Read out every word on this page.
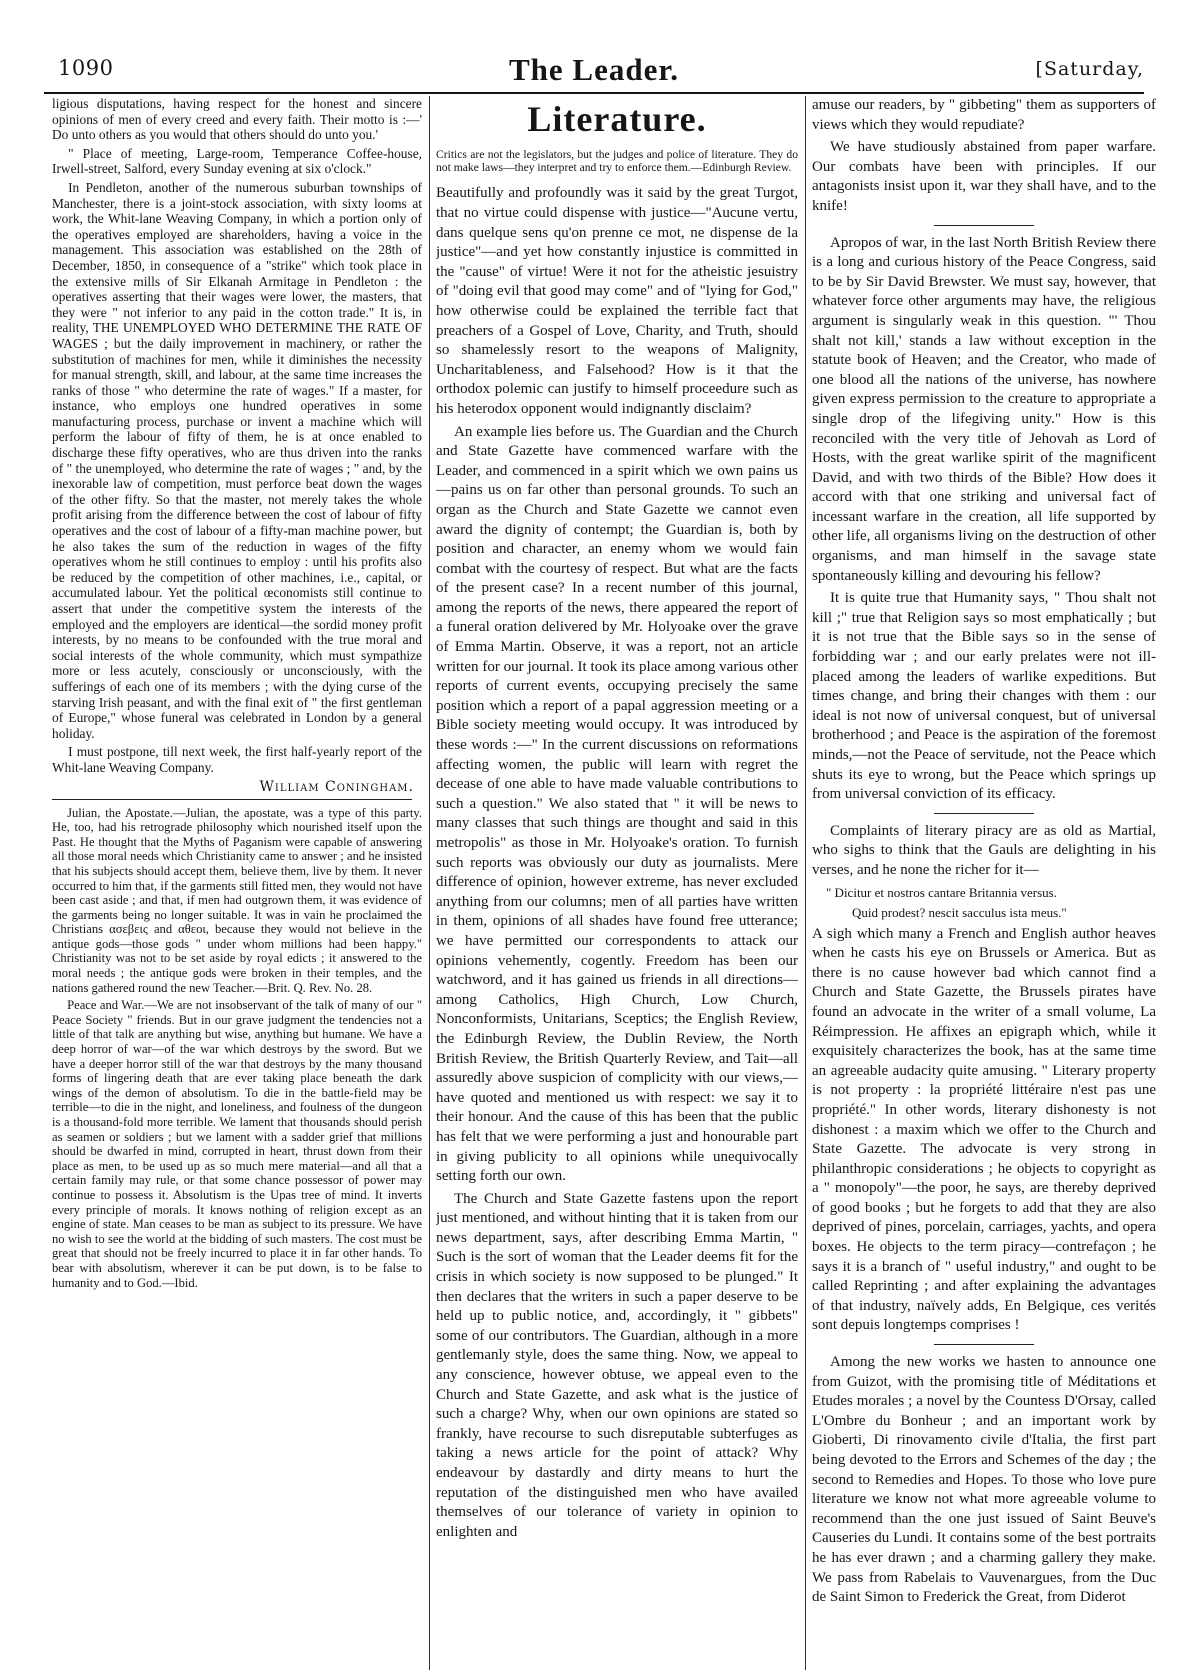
1090	The Leader.	[Saturday,

ligious disputations, having respect for the honest and sincere opinions of men of every creed and every faith. Their motto is :—' Do unto others as you would that others should do unto you.'

" Place of meeting, Large-room, Temperance Coffee-house, Irwell-street, Salford, every Sunday evening at six o'clock."

In Pendleton, another of the numerous suburban townships of Manchester, there is a joint-stock association, with sixty looms at work, the Whit-lane Weaving Company, in which a portion only of the operatives employed are shareholders, having a voice in the management. This association was established on the 28th of December, 1850, in consequence of a "strike" which took place in the extensive mills of Sir Elkanah Armitage in Pendleton : the operatives asserting that their wages were lower, the masters, that they were " not inferior to any paid in the cotton trade." It is, in reality, THE UNEMPLOYED WHO DETERMINE THE RATE OF WAGES ; but the daily improvement in machinery, or rather the substitution of machines for men, while it diminishes the necessity for manual strength, skill, and labour, at the same time increases the ranks of those " who determine the rate of wages." If a master, for instance, who employs one hundred operatives in some manufacturing process, purchase or invent a machine which will perform the labour of fifty of them, he is at once enabled to discharge these fifty operatives, who are thus driven into the ranks of " the unemployed, who determine the rate of wages ; " and, by the inexorable law of competition, must perforce beat down the wages of the other fifty. So that the master, not merely takes the whole profit arising from the difference between the cost of labour of fifty operatives and the cost of labour of a fifty-man machine power, but he also takes the sum of the reduction in wages of the fifty operatives whom he still continues to employ : until his profits also be reduced by the competition of other machines, i.e., capital, or accumulated labour. Yet the political œconomists still continue to assert that under the competitive system the interests of the employed and the employers are identical—the sordid money profit interests, by no means to be confounded with the true moral and social interests of the whole community, which must sympathize more or less acutely, consciously or unconsciously, with the sufferings of each one of its members ; with the dying curse of the starving Irish peasant, and with the final exit of " the first gentleman of Europe," whose funeral was celebrated in London by a general holiday.

I must postpone, till next week, the first half-yearly report of the Whit-lane Weaving Company.

William Coningham.

Julian, the Apostate.—Julian, the apostate, was a type of this party. He, too, had his retrograde philosophy which nourished itself upon the Past. He thought that the Myths of Paganism were capable of answering all those moral needs which Christianity came to answer ; and he insisted that his subjects should accept them, believe them, live by them. It never occurred to him that, if the garments still fitted men, they would not have been cast aside ; and that, if men had outgrown them, it was evidence of the garments being no longer suitable. It was in vain he proclaimed the Christians ασεβεις and αθεοι, because they would not believe in the antique gods—those gods " under whom millions had been happy." Christianity was not to be set aside by royal edicts ; it answered to the moral needs ; the antique gods were broken in their temples, and the nations gathered round the new Teacher.—Brit. Q. Rev. No. 28.

Peace and War.—We are not insobservant of the talk of many of our " Peace Society " friends. But in our grave judgment the tendencies not a little of that talk are anything but wise, anything but humane. We have a deep horror of war—of the war which destroys by the sword. But we have a deeper horror still of the war that destroys by the many thousand forms of lingering death that are ever taking place beneath the dark wings of the demon of absolutism. To die in the battle-field may be terrible—to die in the night, and loneliness, and foulness of the dungeon is a thousand-fold more terrible. We lament that thousands should perish as seamen or soldiers ; but we lament with a sadder grief that millions should be dwarfed in mind, corrupted in heart, thrust down from their place as men, to be used up as so much mere material—and all that a certain family may rule, or that some chance possessor of power may continue to possess it. Absolutism is the Upas tree of mind. It inverts every principle of morals. It knows nothing of religion except as an engine of state. Man ceases to be man as subject to its pressure. We have no wish to see the world at the bidding of such masters. The cost must be great that should not be freely incurred to place it in far other hands. To bear with absolutism, wherever it can be put down, is to be false to humanity and to God.—Ibid.

Literature.

Critics are not the legislators, but the judges and police of literature. They do not make laws—they interpret and try to enforce them.—Edinburgh Review.

Beautifully and profoundly was it said by the great Turgot, that no virtue could dispense with justice—"Aucune vertu, dans quelque sens qu'on prenne ce mot, ne dispense de la justice"—and yet how constantly injustice is committed in the "cause" of virtue! Were it not for the atheistic jesuistry of "doing evil that good may come" and of "lying for God," how otherwise could be explained the terrible fact that preachers of a Gospel of Love, Charity, and Truth, should so shamelessly resort to the weapons of Malignity, Uncharitableness, and Falsehood? How is it that the orthodox polemic can justify to himself proceedure such as his heterodox opponent would indignantly disclaim?

An example lies before us. The Guardian and the Church and State Gazette have commenced warfare with the Leader, and commenced in a spirit which we own pains us—pains us on far other than personal grounds. To such an organ as the Church and State Gazette we cannot even award the dignity of contempt; the Guardian is, both by position and character, an enemy whom we would fain combat with the courtesy of respect. But what are the facts of the present case? In a recent number of this journal, among the reports of the news, there appeared the report of a funeral oration delivered by Mr. Holyoake over the grave of Emma Martin. Observe, it was a report, not an article written for our journal. It took its place among various other reports of current events, occupying precisely the same position which a report of a papal aggression meeting or a Bible society meeting would occupy. It was introduced by these words :—" In the current discussions on reformations affecting women, the public will learn with regret the decease of one able to have made valuable contributions to such a question." We also stated that " it will be news to many classes that such things are thought and said in this metropolis" as those in Mr. Holyoake's oration. To furnish such reports was obviously our duty as journalists. Mere difference of opinion, however extreme, has never excluded anything from our columns; men of all parties have written in them, opinions of all shades have found free utterance; we have permitted our correspondents to attack our opinions vehemently, cogently. Freedom has been our watchword, and it has gained us friends in all directions—among Catholics, High Church, Low Church, Nonconformists, Unitarians, Sceptics; the English Review, the Edinburgh Review, the Dublin Review, the North British Review, the British Quarterly Review, and Tait—all assuredly above suspicion of complicity with our views,—have quoted and mentioned us with respect: we say it to their honour. And the cause of this has been that the public has felt that we were performing a just and honourable part in giving publicity to all opinions while unequivocally setting forth our own.

The Church and State Gazette fastens upon the report just mentioned, and without hinting that it is taken from our news department, says, after describing Emma Martin, " Such is the sort of woman that the Leader deems fit for the crisis in which society is now supposed to be plunged." It then declares that the writers in such a paper deserve to be held up to public notice, and, accordingly, it " gibbets" some of our contributors. The Guardian, although in a more gentlemanly style, does the same thing. Now, we appeal to any conscience, however obtuse, we appeal even to the Church and State Gazette, and ask what is the justice of such a charge? Why, when our own opinions are stated so frankly, have recourse to such disreputable subterfuges as taking a news article for the point of attack? Why endeavour by dastardly and dirty means to hurt the reputation of the distinguished men who have availed themselves of our tolerance of variety in opinion to enlighten and

amuse our readers, by " gibbeting" them as supporters of views which they would repudiate?

We have studiously abstained from paper warfare. Our combats have been with principles. If our antagonists insist upon it, war they shall have, and to the knife!

Apropos of war, in the last North British Review there is a long and curious history of the Peace Congress, said to be by Sir David Brewster. We must say, however, that whatever force other arguments may have, the religious argument is singularly weak in this question. "' Thou shalt not kill,' stands a law without exception in the statute book of Heaven; and the Creator, who made of one blood all the nations of the universe, has nowhere given express permission to the creature to appropriate a single drop of the lifegiving unity." How is this reconciled with the very title of Jehovah as Lord of Hosts, with the great warlike spirit of the magnificent David, and with two thirds of the Bible? How does it accord with that one striking and universal fact of incessant warfare in the creation, all life supported by other life, all organisms living on the destruction of other organisms, and man himself in the savage state spontaneously killing and devouring his fellow?

It is quite true that Humanity says, " Thou shalt not kill ;" true that Religion says so most emphatically ; but it is not true that the Bible says so in the sense of forbidding war ; and our early prelates were not ill-placed among the leaders of warlike expeditions. But times change, and bring their changes with them : our ideal is not now of universal conquest, but of universal brotherhood ; and Peace is the aspiration of the foremost minds,—not the Peace of servitude, not the Peace which shuts its eye to wrong, but the Peace which springs up from universal conviction of its efficacy.

Complaints of literary piracy are as old as Martial, who sighs to think that the Gauls are delighting in his verses, and he none the richer for it—

" Dicitur et nostros cantare Britannia versus.

Quid prodest? nescit sacculus ista meus."

A sigh which many a French and English author heaves when he casts his eye on Brussels or America. But as there is no cause however bad which cannot find a Church and State Gazette, the Brussels pirates have found an advocate in the writer of a small volume, La Réimpression. He affixes an epigraph which, while it exquisitely characterizes the book, has at the same time an agreeable audacity quite amusing. " Literary property is not property : la propriété littéraire n'est pas une propriété." In other words, literary dishonesty is not dishonest : a maxim which we offer to the Church and State Gazette. The advocate is very strong in philanthropic considerations ; he objects to copyright as a " monopoly"—the poor, he says, are thereby deprived of good books ; but he forgets to add that they are also deprived of pines, porcelain, carriages, yachts, and opera boxes. He objects to the term piracy—contrefaçon ; he says it is a branch of " useful industry," and ought to be called Reprinting ; and after explaining the advantages of that industry, naïvely adds, En Belgique, ces verités sont depuis longtemps comprises !

Among the new works we hasten to announce one from Guizot, with the promising title of Méditations et Etudes morales ; a novel by the Countess D'Orsay, called L'Ombre du Bonheur ; and an important work by Gioberti, Di rinovamento civile d'Italia, the first part being devoted to the Errors and Schemes of the day ; the second to Remedies and Hopes. To those who love pure literature we know not what more agreeable volume to recommend than the one just issued of Saint Beuve's Causeries du Lundi. It contains some of the best portraits he has ever drawn ; and a charming gallery they make. We pass from Rabelais to Vauvenargues, from the Duc de Saint Simon to Frederick the Great, from Diderot
